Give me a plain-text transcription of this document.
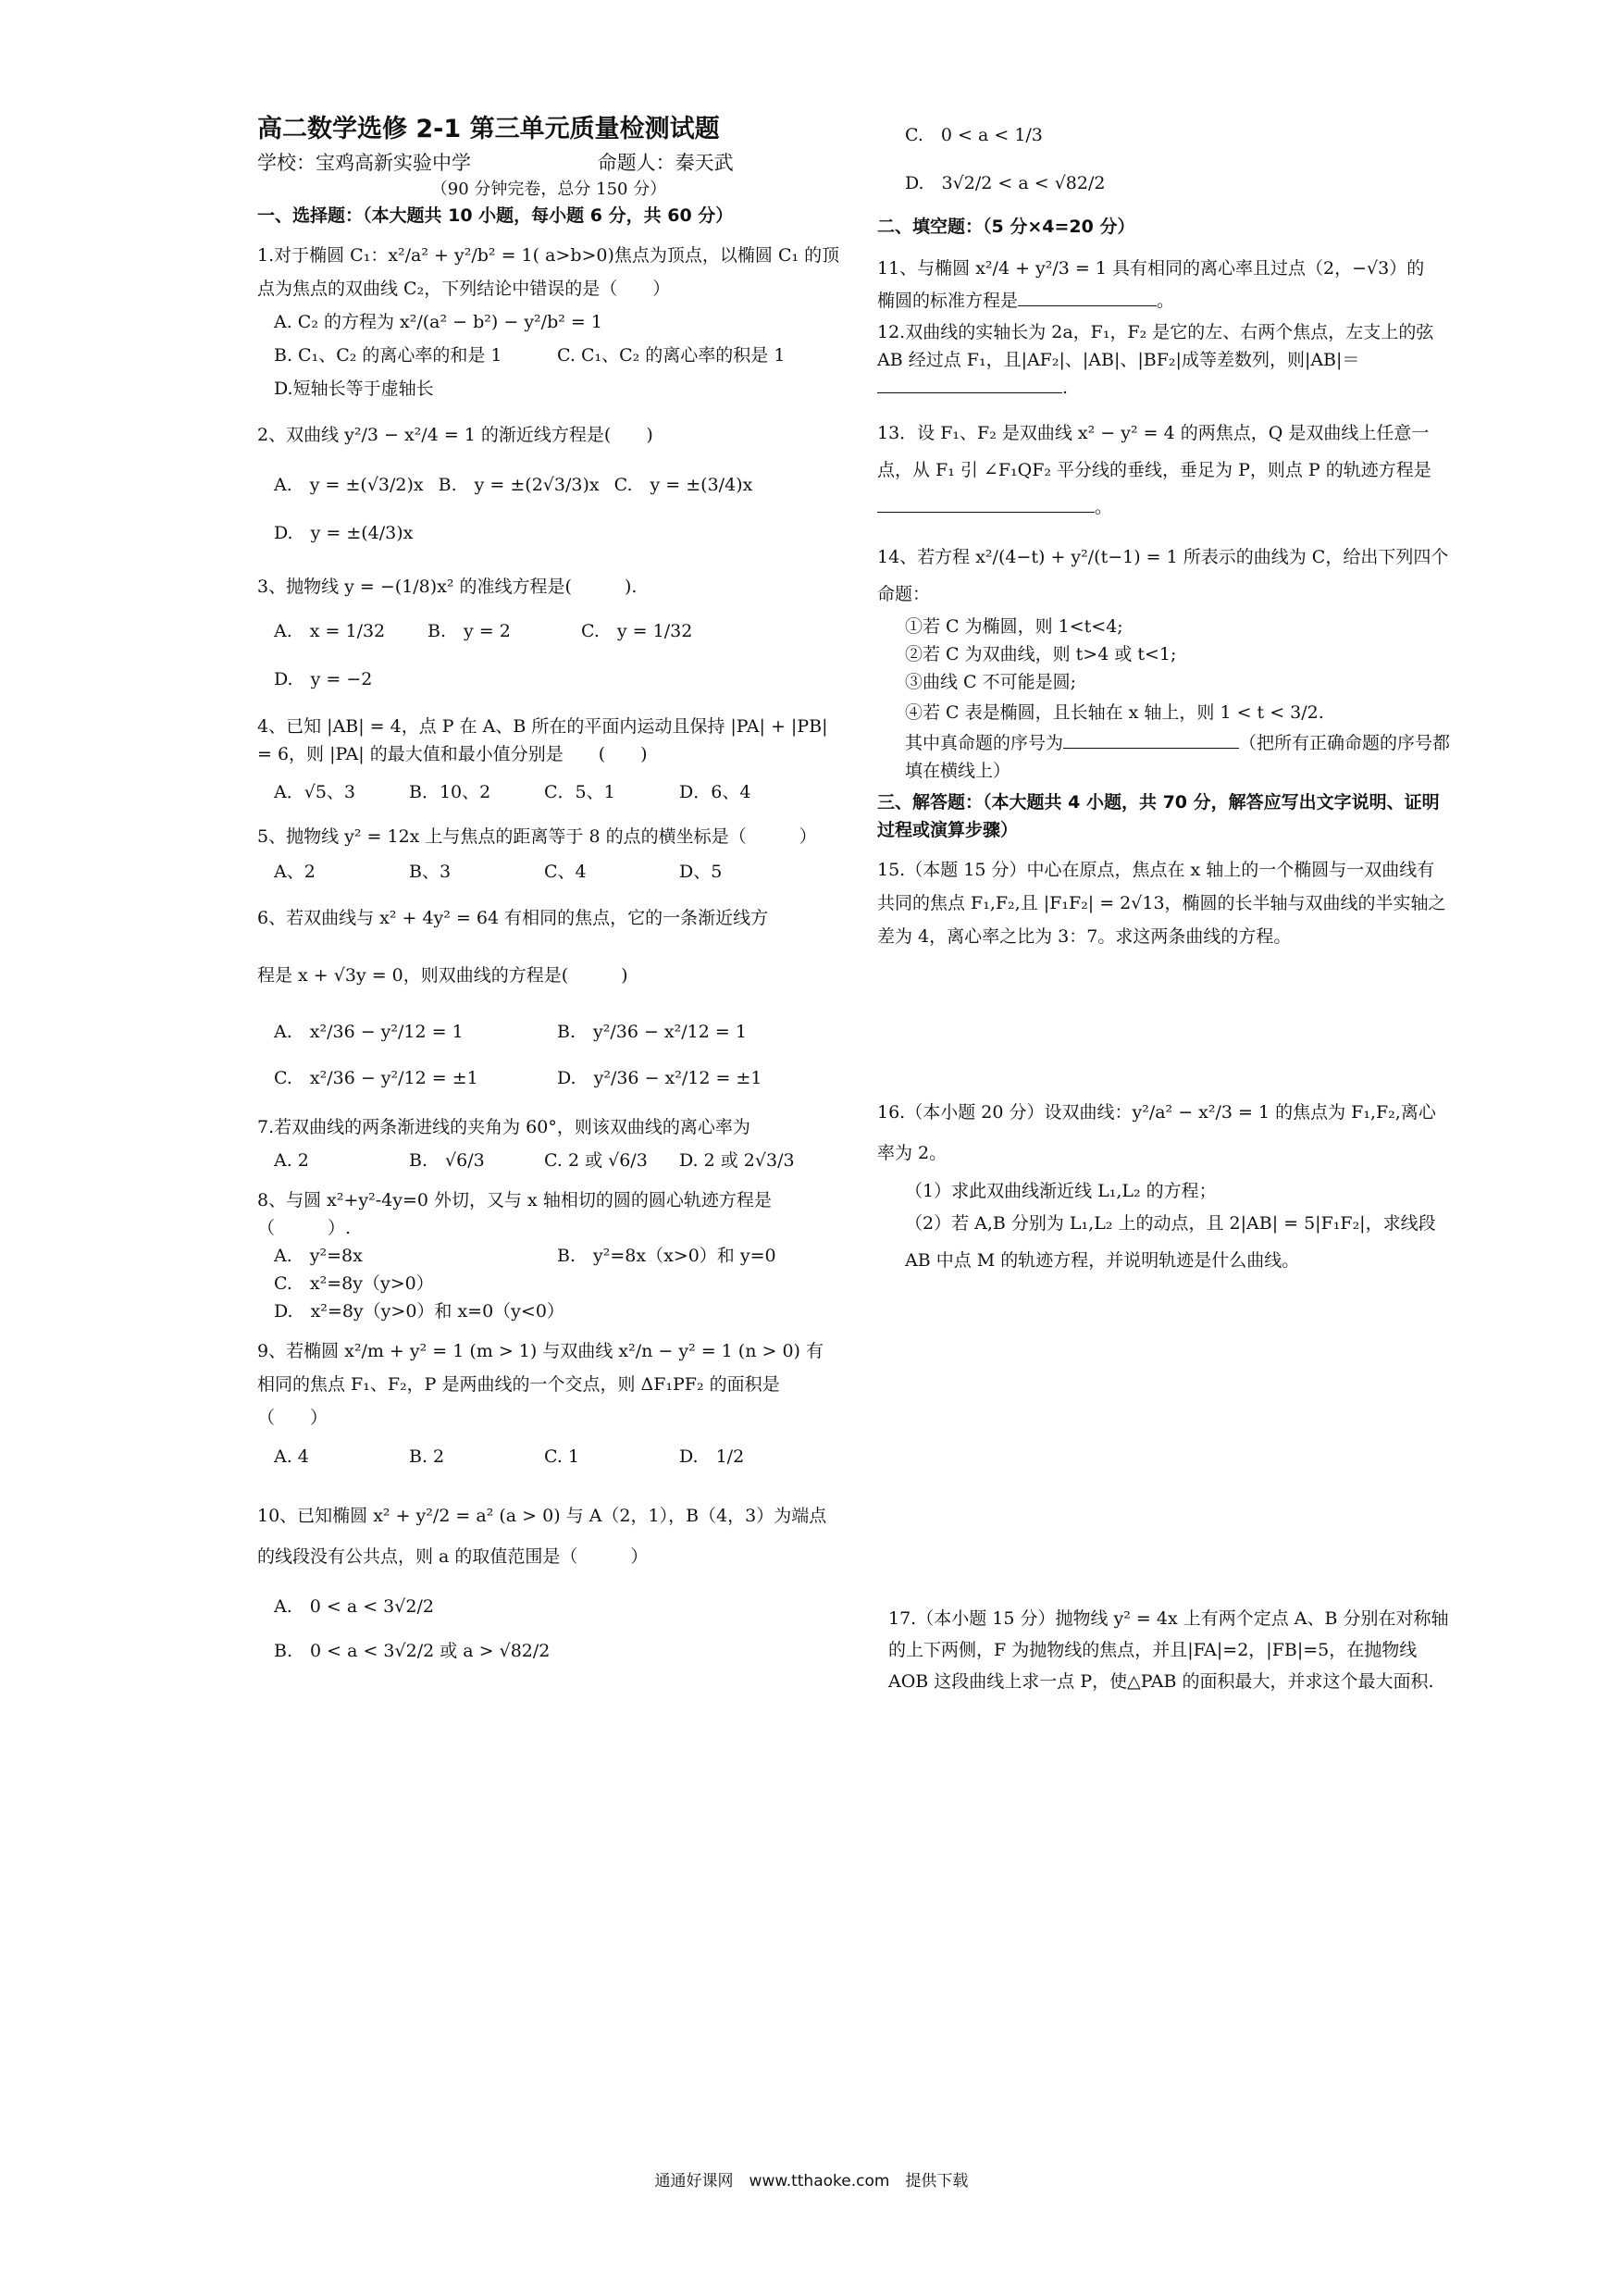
高二数学选修 2-1 第三单元质量检测试题

学校：宝鸡高新实验中学	命题人：秦天武

（90 分钟完卷，总分 150 分）

一、选择题：（本大题共 10 小题，每小题 6 分，共 60 分）

1.对于椭圆 C₁：x²/a² + y²/b² = 1( a>b>0)焦点为顶点，以椭圆 C₁ 的顶点为焦点的双曲线 C₂，下列结论中错误的是（　　）

A. C₂ 的方程为 x²/(a² − b²) − y²/b² = 1
B. C₁、C₂ 的离心率的和是 1	C. C₁、C₂ 的离心率的积是 1
D.短轴长等于虚轴长

2、双曲线 y²/3 − x²/4 = 1 的渐近线方程是(　　)

A.　y = ±(√3/2)x B.　y = ±(2√3/3)x C.　y = ±(3/4)x
D.　y = ±(4/3)x

3、抛物线 y = −(1/8)x² 的准线方程是(　　　).

A.　x = 1/32	B.　y = 2	C.　y = 1/32
D.　y = −2

4、已知 |AB| = 4，点 P 在 A、B 所在的平面内运动且保持 |PA| + |PB| = 6，则 |PA| 的最大值和最小值分别是　　(　　)

A．√5、3	B．10、2	C．5、1	D．6、4

5、抛物线 y² = 12x 上与焦点的距离等于 8 的点的横坐标是（　　　）

A、2	B、3	C、4	D、5

6、若双曲线与 x² + 4y² = 64 有相同的焦点，它的一条渐近线方

程是 x + √3y = 0，则双曲线的方程是(　　　)

A.　x²/36 − y²/12 = 1	B.　y²/36 − x²/12 = 1
C.　x²/36 − y²/12 = ±1	D.　y²/36 − x²/12 = ±1

7.若双曲线的两条渐进线的夹角为 60°，则该双曲线的离心率为

A. 2	B.　√6/3	C. 2 或 √6/3	D. 2 或 2√3/3

8、与圆 x²+y²-4y=0 外切，又与 x 轴相切的圆的圆心轨迹方程是（　　　）.

A.　y²=8x	B.　y²=8x（x>0）和 y=0
C.　x²=8y（y>0）
D.　x²=8y（y>0）和 x=0（y<0）

9、若椭圆 x²/m + y² = 1 (m > 1) 与双曲线 x²/n − y² = 1 (n > 0) 有相同的焦点 F₁、F₂，P 是两曲线的一个交点，则 ΔF₁PF₂ 的面积是（　　）

A. 4	B. 2	C. 1	D.　1/2

10、已知椭圆 x² + y²/2 = a² (a > 0) 与 A（2，1），B（4，3）为端点的线段没有公共点，则 a 的取值范围是（　　　）

A.　0 < a < 3√2/2
B.　0 < a < 3√2/2 或 a > √82/2
C.　0 < a < 1/3
D.　3√2/2 < a < √82/2

二、填空题：（5 分×4=20 分）

11、与椭圆 x²/4 + y²/3 = 1 具有相同的离心率且过点（2，−√3）的

椭圆的标准方程是	。

12.双曲线的实轴长为 2a，F₁，F₂ 是它的左、右两个焦点，左支上的弦 AB 经过点 F₁，且|AF₂|、|AB|、|BF₂|成等差数列，则|AB|＝.

13．设 F₁、F₂ 是双曲线 x² − y² = 4 的两焦点，Q 是双曲线上任意一点，从 F₁ 引 ∠F₁QF₂ 平分线的垂线，垂足为 P，则点 P 的轨迹方程是。

14、若方程 x²/(4−t) + y²/(t−1) = 1 所表示的曲线为 C，给出下列四个命题：

①若 C 为椭圆，则 1<t<4;

②若 C 为双曲线，则 t>4 或 t<1;

③曲线 C 不可能是圆;

④若 C 表是椭圆，且长轴在 x 轴上，则 1 < t < 3/2.

其中真命题的序号为	（把所有正确命题的序号都填在横线上）

三、解答题：（本大题共 4 小题，共 70 分，解答应写出文字说明、证明过程或演算步骤）

15.（本题 15 分）中心在原点，焦点在 x 轴上的一个椭圆与一双曲线有共同的焦点 F₁,F₂,且 |F₁F₂| = 2√13，椭圆的长半轴与双曲线的半实轴之差为 4，离心率之比为 3：7。求这两条曲线的方程。

16.（本小题 20 分）设双曲线：y²/a² − x²/3 = 1 的焦点为 F₁,F₂,离心率为 2。

（1）求此双曲线渐近线 L₁,L₂ 的方程；

（2）若 A,B 分别为 L₁,L₂ 上的动点，且 2|AB| = 5|F₁F₂|，求线段 AB 中点 M 的轨迹方程，并说明轨迹是什么曲线。

17.（本小题 15 分）抛物线 y² = 4x 上有两个定点 A、B 分别在对称轴的上下两侧，F 为抛物线的焦点，并且|FA|=2，|FB|=5，在抛物线 AOB 这段曲线上求一点 P，使△PAB 的面积最大，并求这个最大面积.

通通好课网　www.tthaoke.com　提供下载
